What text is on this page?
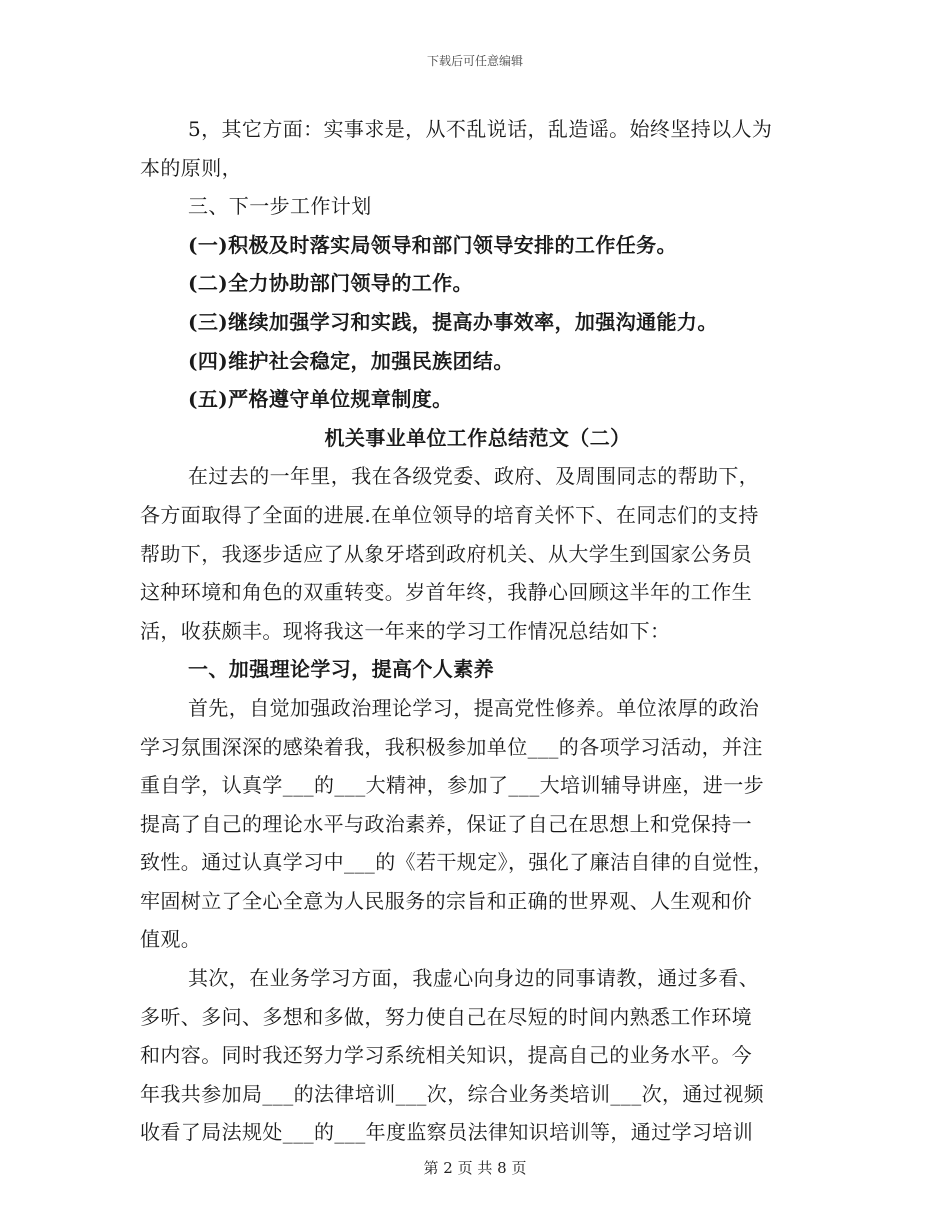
下载后可任意编辑
5，其它方面：实事求是，从不乱说话，乱造谣。始终坚持以人为
本的原则，
三、下一步工作计划
(一)积极及时落实局领导和部门领导安排的工作任务。
(二)全力协助部门领导的工作。
(三)继续加强学习和实践，提高办事效率，加强沟通能力。
(四)维护社会稳定，加强民族团结。
(五)严格遵守单位规章制度。
机关事业单位工作总结范文（二）
在过去的一年里，我在各级党委、政府、及周围同志的帮助下，
各方面取得了全面的进展.在单位领导的培育关怀下、在同志们的支持
帮助下，我逐步适应了从象牙塔到政府机关、从大学生到国家公务员
这种环境和角色的双重转变。岁首年终，我静心回顾这半年的工作生
活，收获颇丰。现将我这一年来的学习工作情况总结如下：
一、加强理论学习，提高个人素养
首先，自觉加强政治理论学习，提高党性修养。单位浓厚的政治
学习氛围深深的感染着我，我积极参加单位___的各项学习活动，并注
重自学，认真学___的___大精神，参加了___大培训辅导讲座，进一步
提高了自己的理论水平与政治素养，保证了自己在思想上和党保持一
致性。通过认真学习中___的《若干规定》，强化了廉洁自律的自觉性，
牢固树立了全心全意为人民服务的宗旨和正确的世界观、人生观和价
值观。
其次，在业务学习方面，我虚心向身边的同事请教，通过多看、
多听、多问、多想和多做，努力使自己在尽短的时间内熟悉工作环境
和内容。同时我还努力学习系统相关知识，提高自己的业务水平。今
年我共参加局___的法律培训___次，综合业务类培训___次，通过视频
收看了局法规处___的___年度监察员法律知识培训等，通过学习培训
第 2 页 共 8 页
